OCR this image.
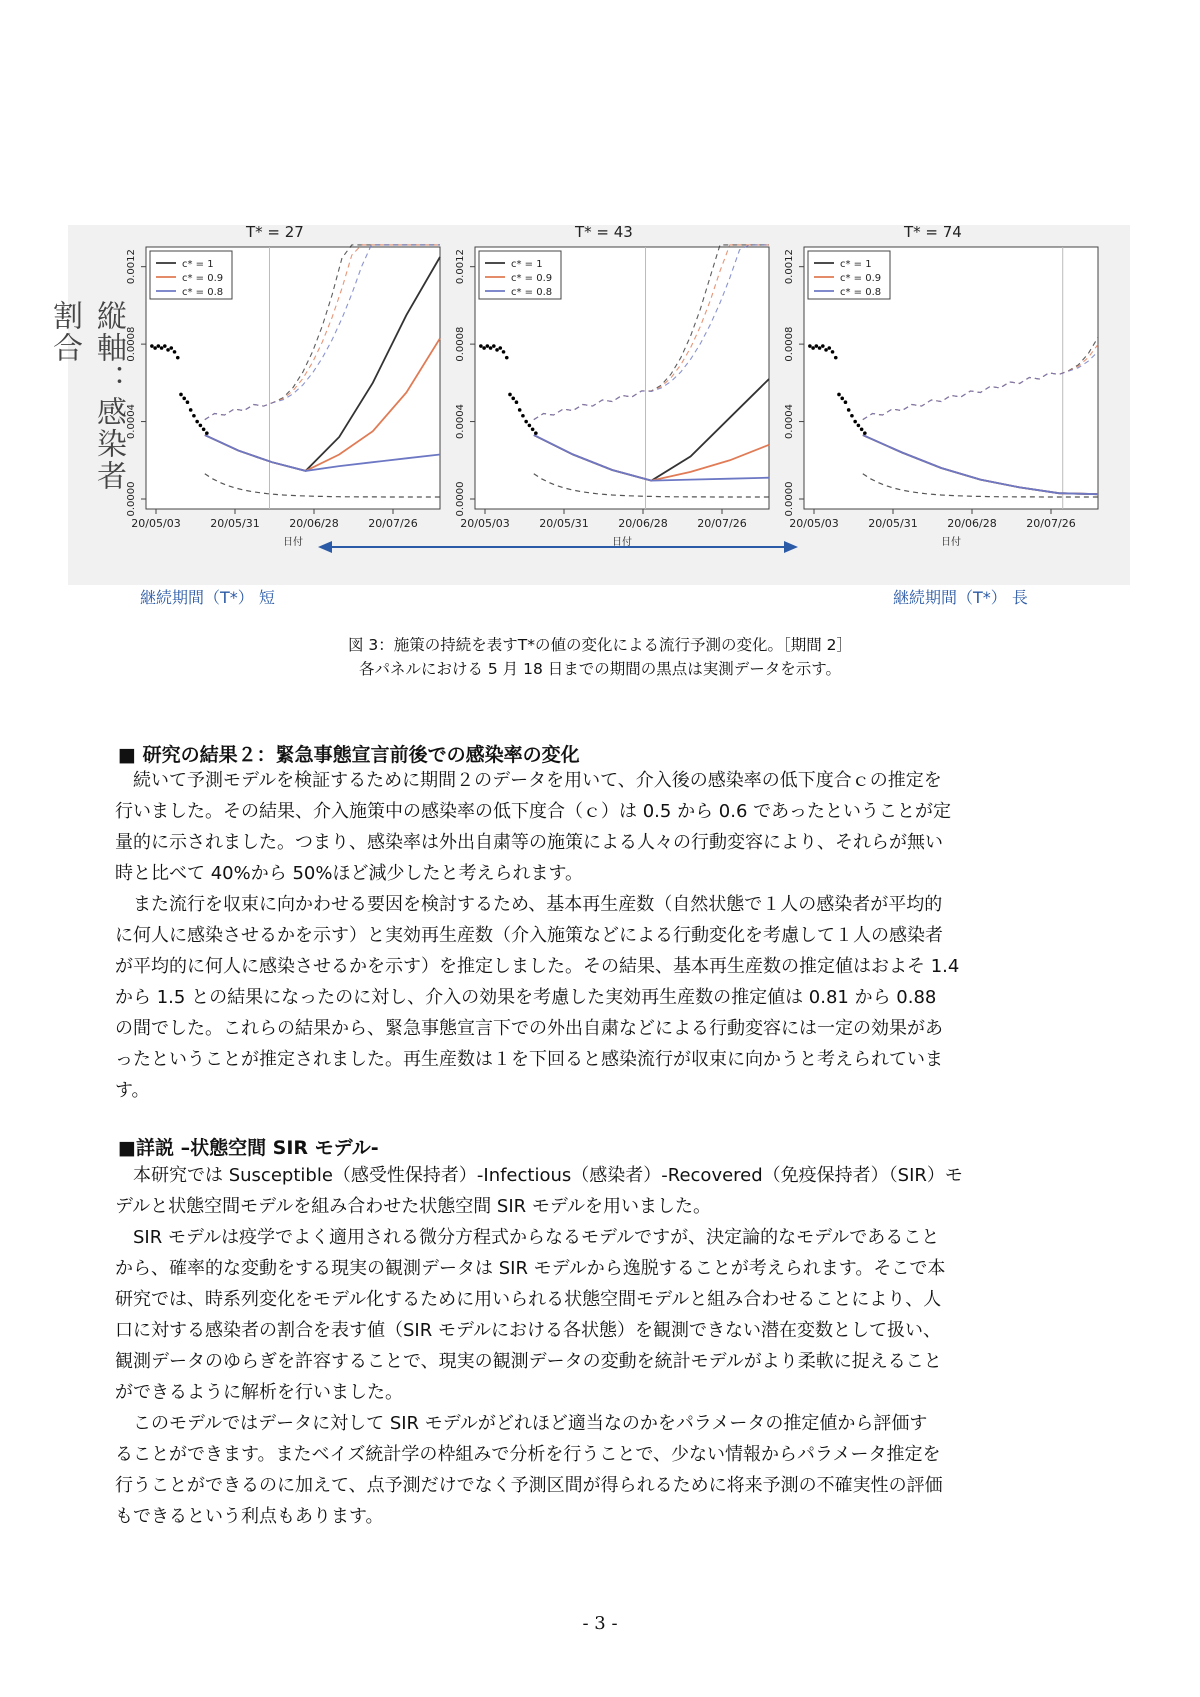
T* = 27
0.0000
0.0004
0.0008
0.0012
20/05/03	20/05/31	20/06/28	20/07/26
日付
c* = 1
c* = 0.9
c* = 0.8
T* = 43
0.0000
0.0004
0.0008
0.0012
20/05/03	20/05/31	20/06/28	20/07/26
日付
c* = 1
c* = 0.9
c* = 0.8
T* = 74
0.0000
0.0004
0.0008
0.0012
20/05/03	20/05/31	20/06/28	20/07/26
日付
c* = 1
c* = 0.9
c* = 0.8
縦軸：感染者割合
継続期間（T*） 短	継続期間（T*） 長
図 3：施策の持続を表すT*の値の変化による流行予測の変化。［期間 2］
各パネルにおける 5 月 18 日までの期間の黒点は実測データを示す。
■ 研究の結果２：緊急事態宣言前後での感染率の変化
続いて予測モデルを検証するために期間２のデータを用いて、介入後の感染率の低下度合ｃの推定を
行いました。その結果、介入施策中の感染率の低下度合（ｃ）は 0.5 から 0.6 であったということが定
量的に示されました。つまり、感染率は外出自粛等の施策による人々の行動変容により、それらが無い
時と比べて 40%から 50%ほど減少したと考えられます。
また流行を収束に向かわせる要因を検討するため、基本再生産数（自然状態で１人の感染者が平均的
に何人に感染させるかを示す）と実効再生産数（介入施策などによる行動変化を考慮して１人の感染者
が平均的に何人に感染させるかを示す）を推定しました。その結果、基本再生産数の推定値はおよそ 1.4
から 1.5 との結果になったのに対し、介入の効果を考慮した実効再生産数の推定値は 0.81 から 0.88
の間でした。これらの結果から、緊急事態宣言下での外出自粛などによる行動変容には一定の効果があ
ったということが推定されました。再生産数は１を下回ると感染流行が収束に向かうと考えられていま
す。
■詳説 –状態空間 SIR モデル-
本研究では Susceptible（感受性保持者）-Infectious（感染者）-Recovered（免疫保持者）（SIR）モ
デルと状態空間モデルを組み合わせた状態空間 SIR モデルを用いました。
SIR モデルは疫学でよく適用される微分方程式からなるモデルですが、決定論的なモデルであること
から、確率的な変動をする現実の観測データは SIR モデルから逸脱することが考えられます。そこで本
研究では、時系列変化をモデル化するために用いられる状態空間モデルと組み合わせることにより、人
口に対する感染者の割合を表す値（SIR モデルにおける各状態）を観測できない潜在変数として扱い、
観測データのゆらぎを許容することで、現実の観測データの変動を統計モデルがより柔軟に捉えること
ができるように解析を行いました。
このモデルではデータに対して SIR モデルがどれほど適当なのかをパラメータの推定値から評価す
ることができます。またベイズ統計学の枠組みで分析を行うことで、少ない情報からパラメータ推定を
行うことができるのに加えて、点予測だけでなく予測区間が得られるために将来予測の不確実性の評価
もできるという利点もあります。
- 3 -
